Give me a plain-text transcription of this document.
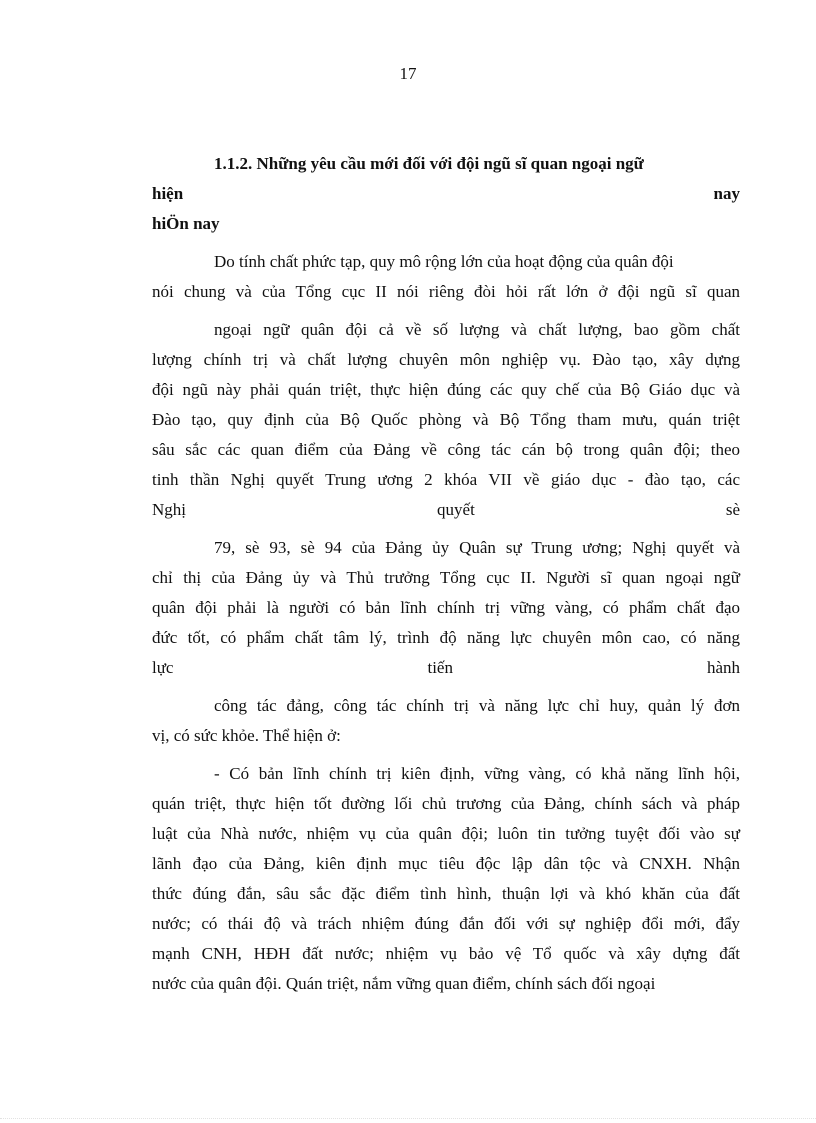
17
1.1.2. Những yêu cầu mới đối với đội ngũ sĩ quan ngoại ngữ
hiện nay
hiÖn nay
Do tính chất phức tạp, quy mô rộng lớn của hoạt động của quân đội
nói chung và của Tổng cục II nói riêng đòi hỏi rất lớn ở đội ngũ sĩ quan
ngoại ngữ quân đội cả về số lượng và chất lượng, bao gồm chất
lượng chính trị và chất lượng chuyên môn nghiệp vụ. Đào tạo, xây dựng
đội ngũ này phải quán triệt, thực hiện đúng các quy chế của Bộ Giáo dục và
Đào tạo, quy định của Bộ Quốc phòng và Bộ Tổng tham mưu, quán triệt
sâu sắc các quan điểm của Đảng về công tác cán bộ trong quân đội; theo
tinh thần Nghị quyết Trung ương 2 khóa VII về giáo dục - đào tạo, các
Nghị quyết sè
79, sè 93, sè 94 của Đảng ủy Quân sự Trung ương; Nghị quyết và
chỉ thị của Đảng ủy và Thủ trưởng Tổng cục II. Người sĩ quan ngoại ngữ
quân đội phải là người có bản lĩnh chính trị vững vàng, có phẩm chất đạo
đức tốt, có phẩm chất tâm lý, trình độ năng lực chuyên môn cao, có năng
lực tiến hành
công tác đảng, công tác chính trị và năng lực chỉ huy, quản lý đơn
vị, có sức khỏe. Thể hiện ở:
- Có bản lĩnh chính trị kiên định, vững vàng, có khả năng lĩnh hội,
quán triệt, thực hiện tốt đường lối chủ trương của Đảng, chính sách và pháp
luật của Nhà nước, nhiệm vụ của quân đội; luôn tin tưởng tuyệt đối vào sự
lãnh đạo của Đảng, kiên định mục tiêu độc lập dân tộc và CNXH. Nhận
thức đúng đắn, sâu sắc đặc điểm tình hình, thuận lợi và khó khăn của đất
nước; có thái độ và trách nhiệm đúng đắn đối với sự nghiệp đổi mới, đẩy
mạnh CNH, HĐH đất nước; nhiệm vụ bảo vệ Tổ quốc và xây dựng đất
nước của quân đội. Quán triệt, nắm vững quan điểm, chính sách đối ngoại
